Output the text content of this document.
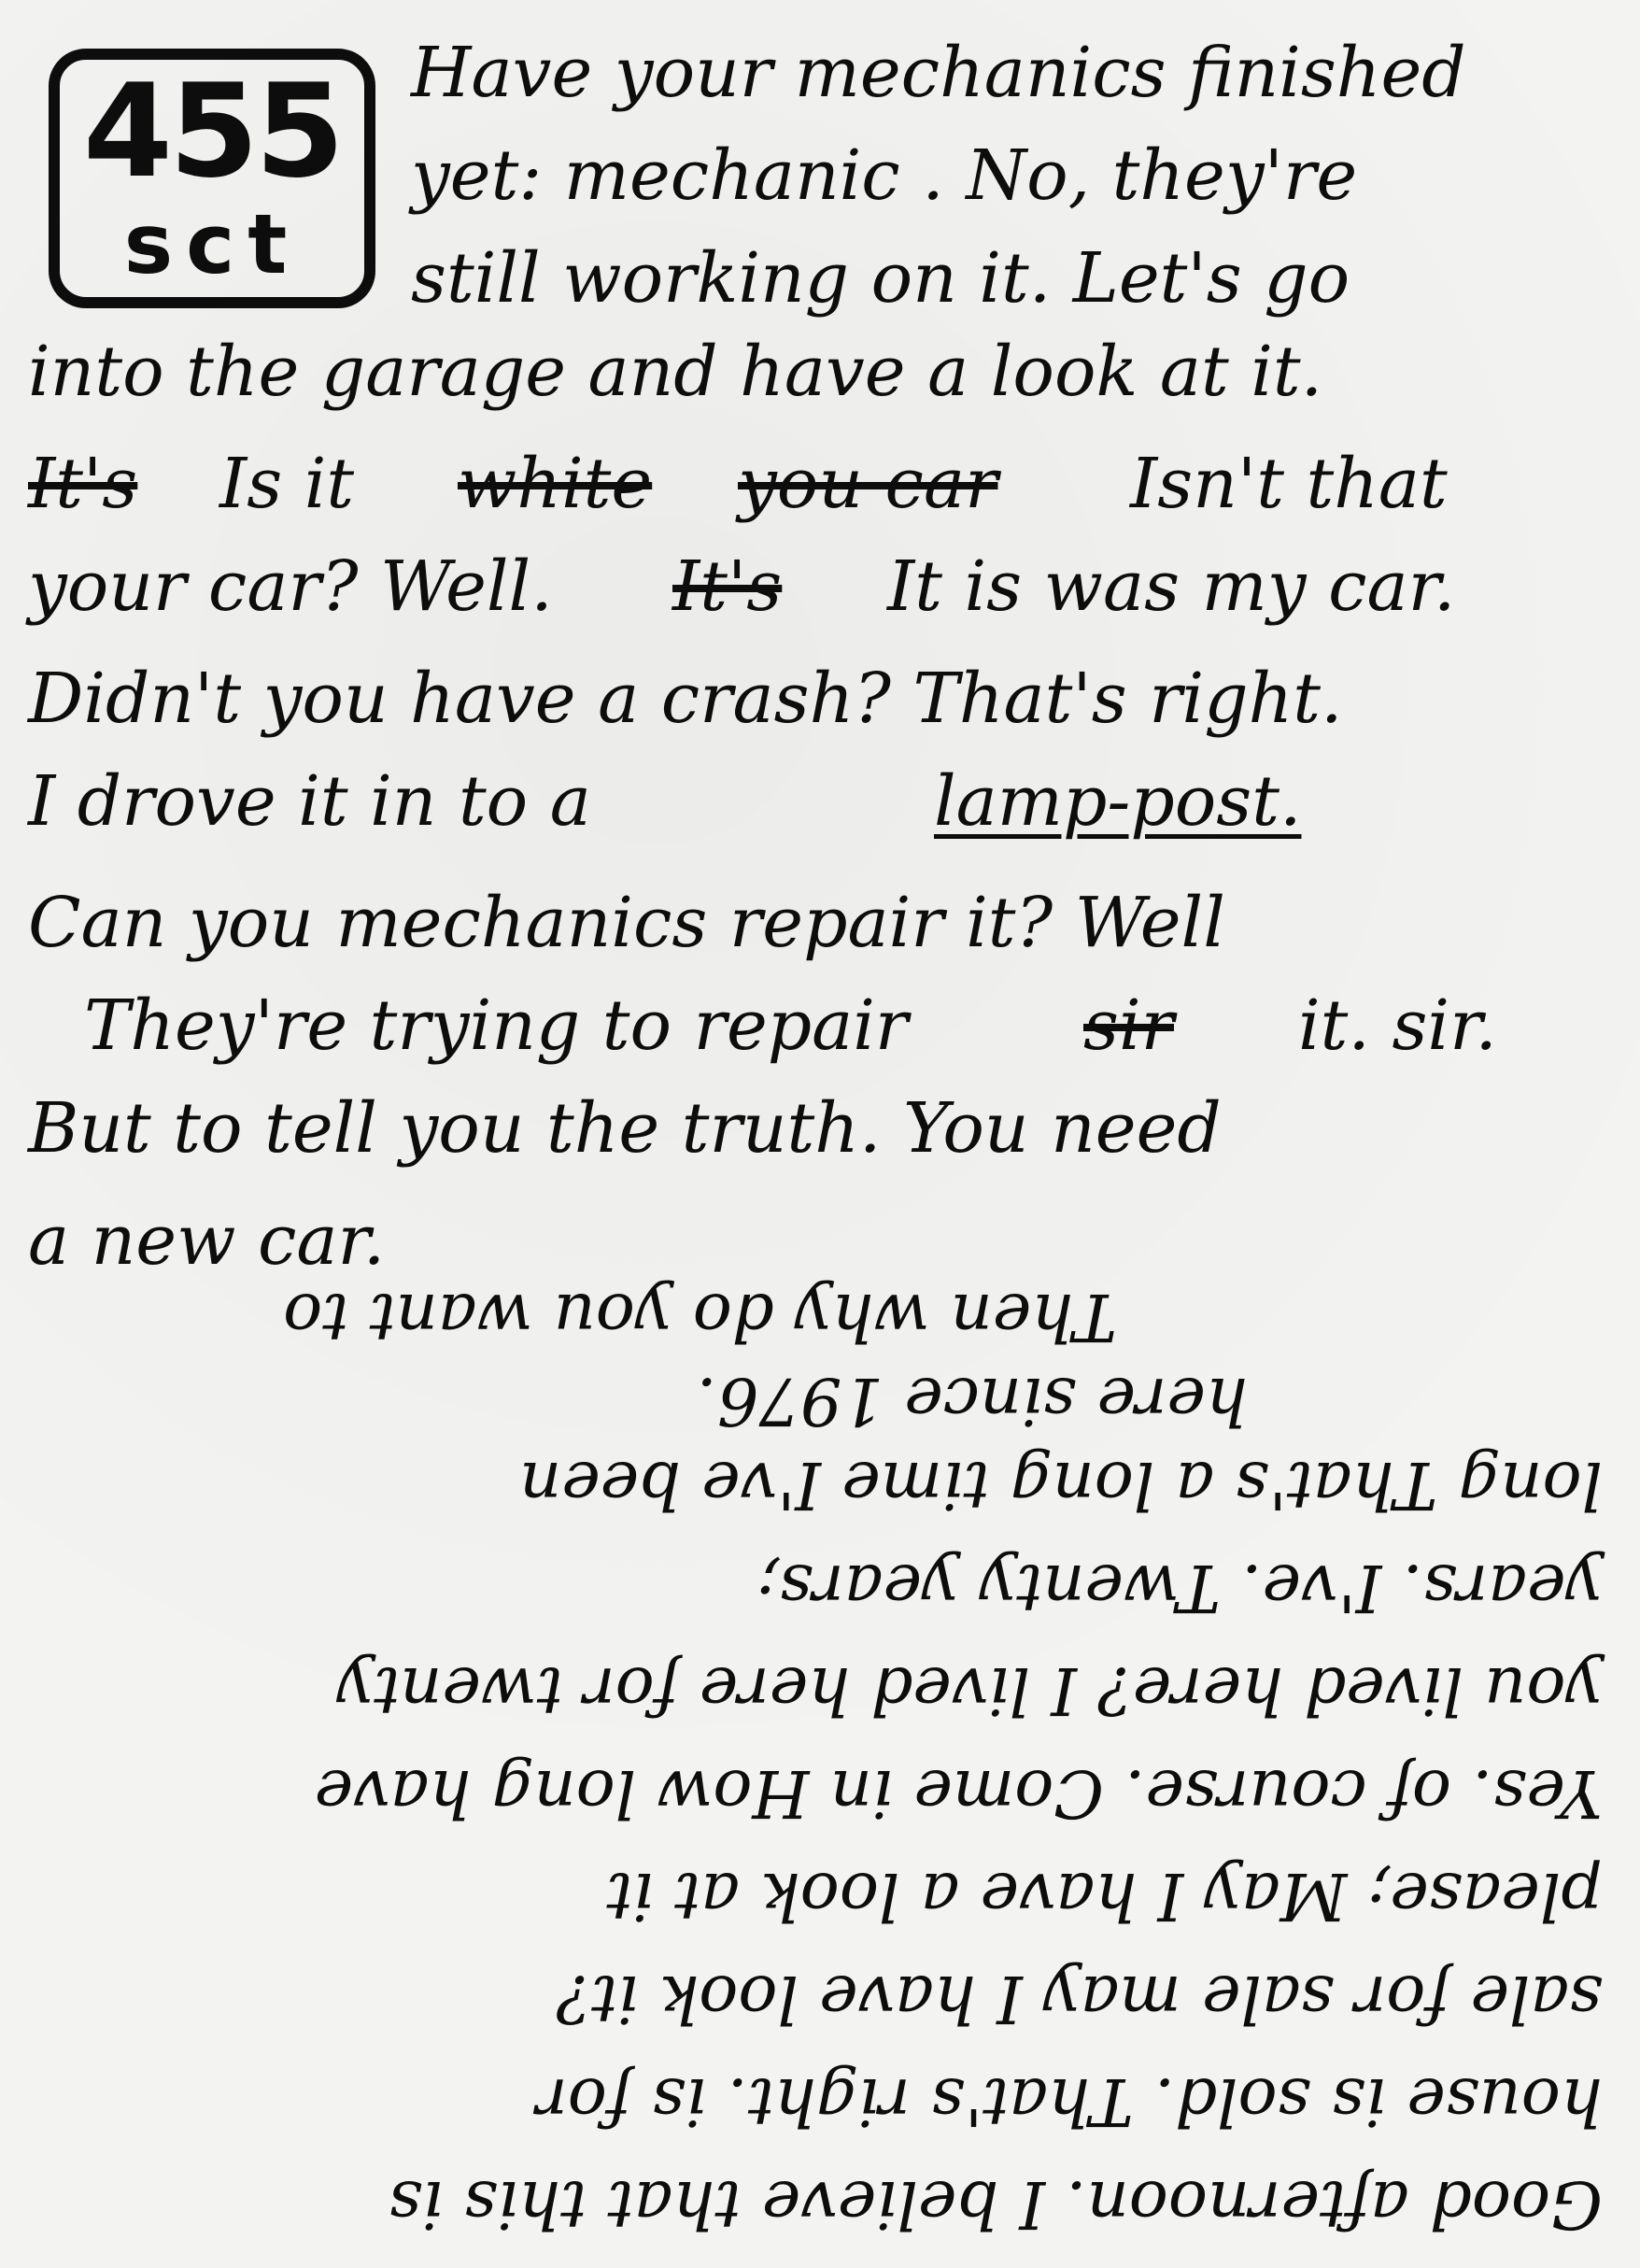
455
sct
Have your mechanics finished
yet: mechanic . No, they're
still working on it. Let's go
into the garage and have a look at it.
It's Is it white you car Isn't that
your car? Well. It's It is was my car.
Didn't you have a crash? That's right.
I drove it in to a	lamp-post.
Can you mechanics repair it? Well
They're trying to repair	sir it. sir.
But to tell you the truth. You need
a new car.
Good afternoon. I believe that this is
house is sold. That's right. is for
sale for sale may I have look it?
please; May I have a look at it
Yes. of course. Come in How long have
you lived here? I lived here for twenty
years. I've. Twenty years;
long That's a long time I've been
here since 1976.
Then why do you want to
